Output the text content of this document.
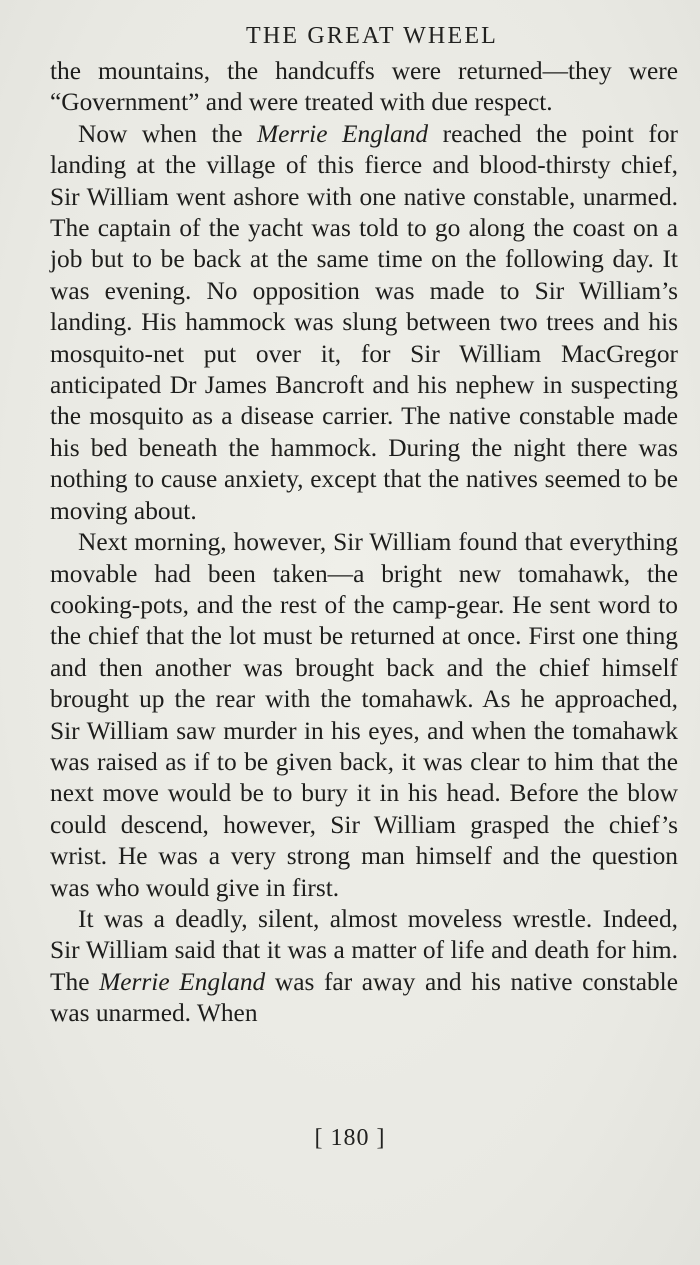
THE GREAT WHEEL

the mountains, the handcuffs were returned—they were “Government” and were treated with due respect.

Now when the Merrie England reached the point for landing at the village of this fierce and blood-thirsty chief, Sir William went ashore with one native constable, unarmed. The captain of the yacht was told to go along the coast on a job but to be back at the same time on the following day. It was evening. No opposition was made to Sir William’s landing. His hammock was slung between two trees and his mosquito-net put over it, for Sir William MacGregor anticipated Dr James Bancroft and his nephew in suspecting the mosquito as a disease carrier. The native constable made his bed beneath the hammock. During the night there was nothing to cause anxiety, except that the natives seemed to be moving about.

Next morning, however, Sir William found that everything movable had been taken—a bright new tomahawk, the cooking-pots, and the rest of the camp-gear. He sent word to the chief that the lot must be returned at once. First one thing and then another was brought back and the chief himself brought up the rear with the tomahawk. As he approached, Sir William saw murder in his eyes, and when the tomahawk was raised as if to be given back, it was clear to him that the next move would be to bury it in his head. Before the blow could descend, however, Sir William grasped the chief’s wrist. He was a very strong man himself and the question was who would give in first.

It was a deadly, silent, almost moveless wrestle. Indeed, Sir William said that it was a matter of life and death for him. The Merrie England was far away and his native constable was unarmed. When

[ 180 ]
